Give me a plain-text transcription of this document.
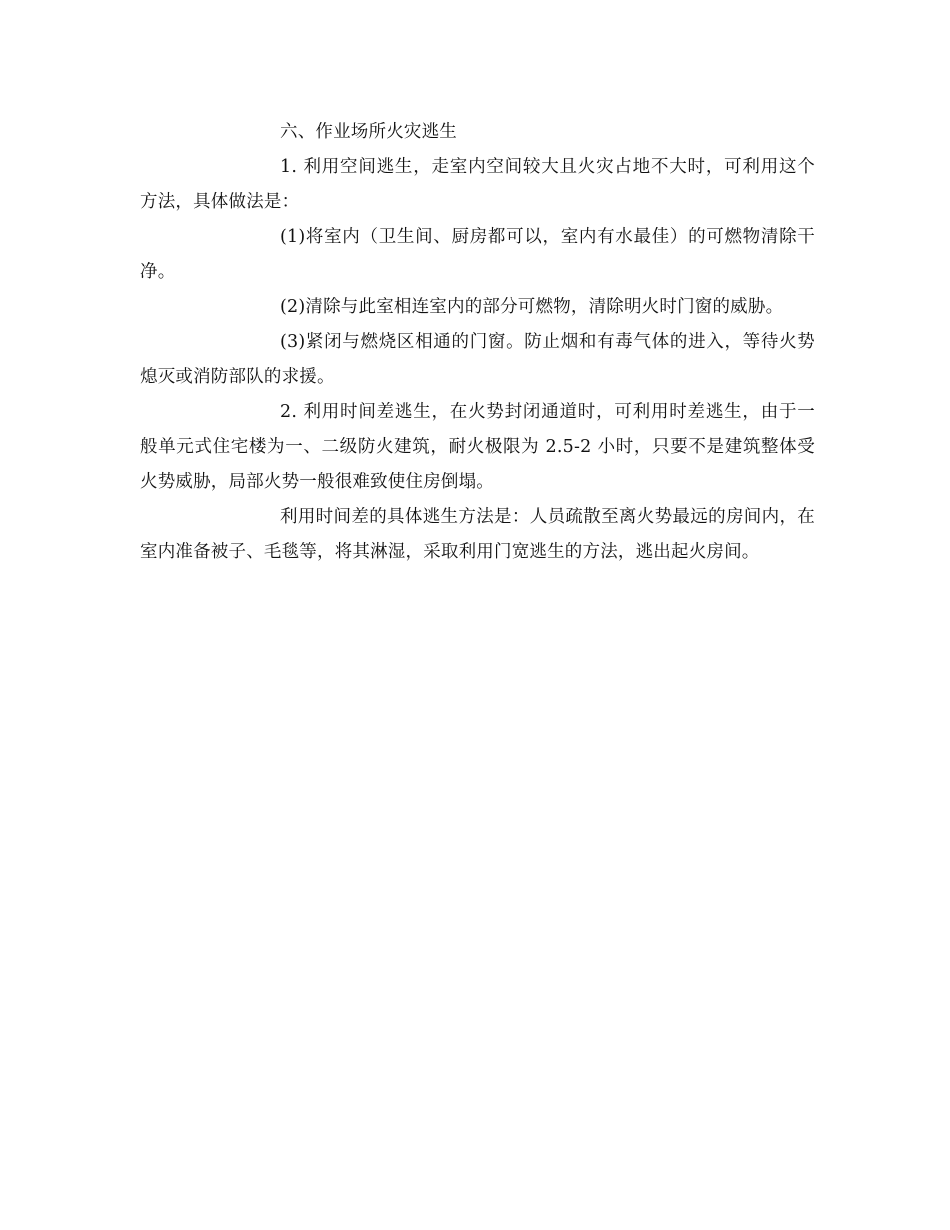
六、作业场所火灾逃生

1. 利用空间逃生，走室内空间较大且火灾占地不大时，可利用这个方法，具体做法是：

(1)将室内（卫生间、厨房都可以，室内有水最佳）的可燃物清除干净。

(2)清除与此室相连室内的部分可燃物，清除明火时门窗的威胁。

(3)紧闭与燃烧区相通的门窗。防止烟和有毒气体的进入，等待火势熄灭或消防部队的求援。

2. 利用时间差逃生，在火势封闭通道时，可利用时差逃生，由于一般单元式住宅楼为一、二级防火建筑，耐火极限为 2.5-2 小时，只要不是建筑整体受火势威胁，局部火势一般很难致使住房倒塌。

利用时间差的具体逃生方法是：人员疏散至离火势最远的房间内，在室内准备被子、毛毯等，将其淋湿，采取利用门宽逃生的方法，逃出起火房间。
